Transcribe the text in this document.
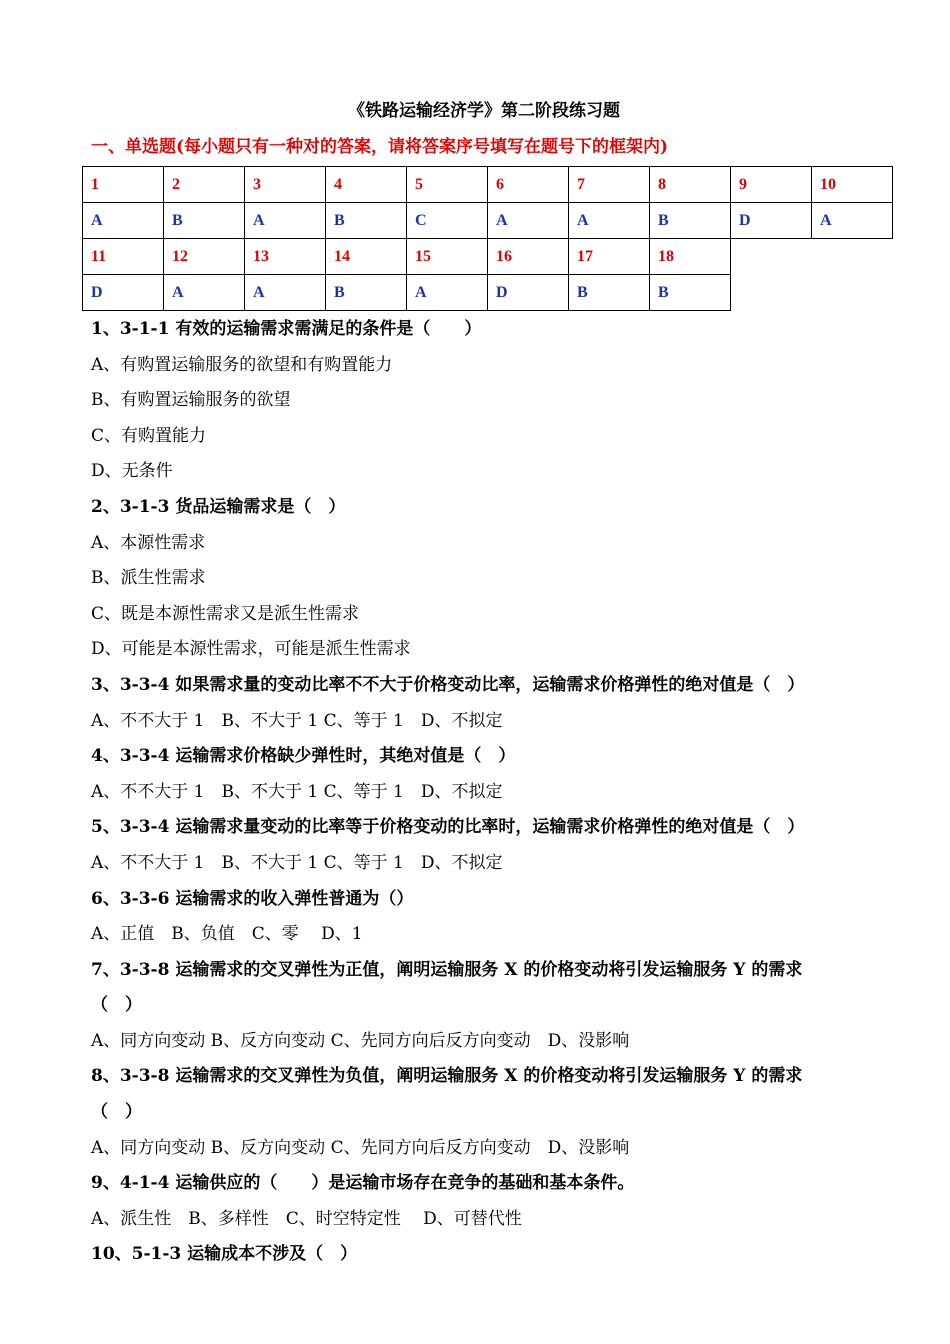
《铁路运输经济学》第二阶段练习题
一、单选题(每小题只有一种对的答案，请将答案序号填写在题号下的框架内)
1	2	3	4	5	6	7	8	9	10
A	B	A	B	C	A	A	B	D	A
11	12	13	14	15	16	17	18		
D	A	A	B	A	D	B	B		
1、3-1-1 有效的运输需求需满足的条件是（　　）
A、有购置运输服务的欲望和有购置能力
B、有购置运输服务的欲望
C、有购置能力
D、无条件
2、3-1-3 货品运输需求是（　）
A、本源性需求
B、派生性需求
C、既是本源性需求又是派生性需求
D、可能是本源性需求，可能是派生性需求
3、3-3-4 如果需求量的变动比率不不大于价格变动比率，运输需求价格弹性的绝对值是（　）
A、不不大于 1　B、不大于 1 C、等于 1　D、不拟定
4、3-3-4 运输需求价格缺少弹性时，其绝对值是（　）
A、不不大于 1　B、不大于 1 C、等于 1　D、不拟定
5、3-3-4 运输需求量变动的比率等于价格变动的比率时，运输需求价格弹性的绝对值是（　）
A、不不大于 1　B、不大于 1 C、等于 1　D、不拟定
6、3-3-6 运输需求的收入弹性普通为（）
A、正值　B、负值　C、零　 D、1
7、3-3-8 运输需求的交叉弹性为正值，阐明运输服务 X 的价格变动将引发运输服务 Y 的需求
（　）
A、同方向变动 B、反方向变动 C、先同方向后反方向变动　D、没影响
8、3-3-8 运输需求的交叉弹性为负值，阐明运输服务 X 的价格变动将引发运输服务 Y 的需求
（　）
A、同方向变动 B、反方向变动 C、先同方向后反方向变动　D、没影响
9、4-1-4 运输供应的（　　）是运输市场存在竞争的基础和基本条件。
A、派生性　B、多样性　C、时空特定性　 D、可替代性
10、5-1-3 运输成本不涉及（　）
